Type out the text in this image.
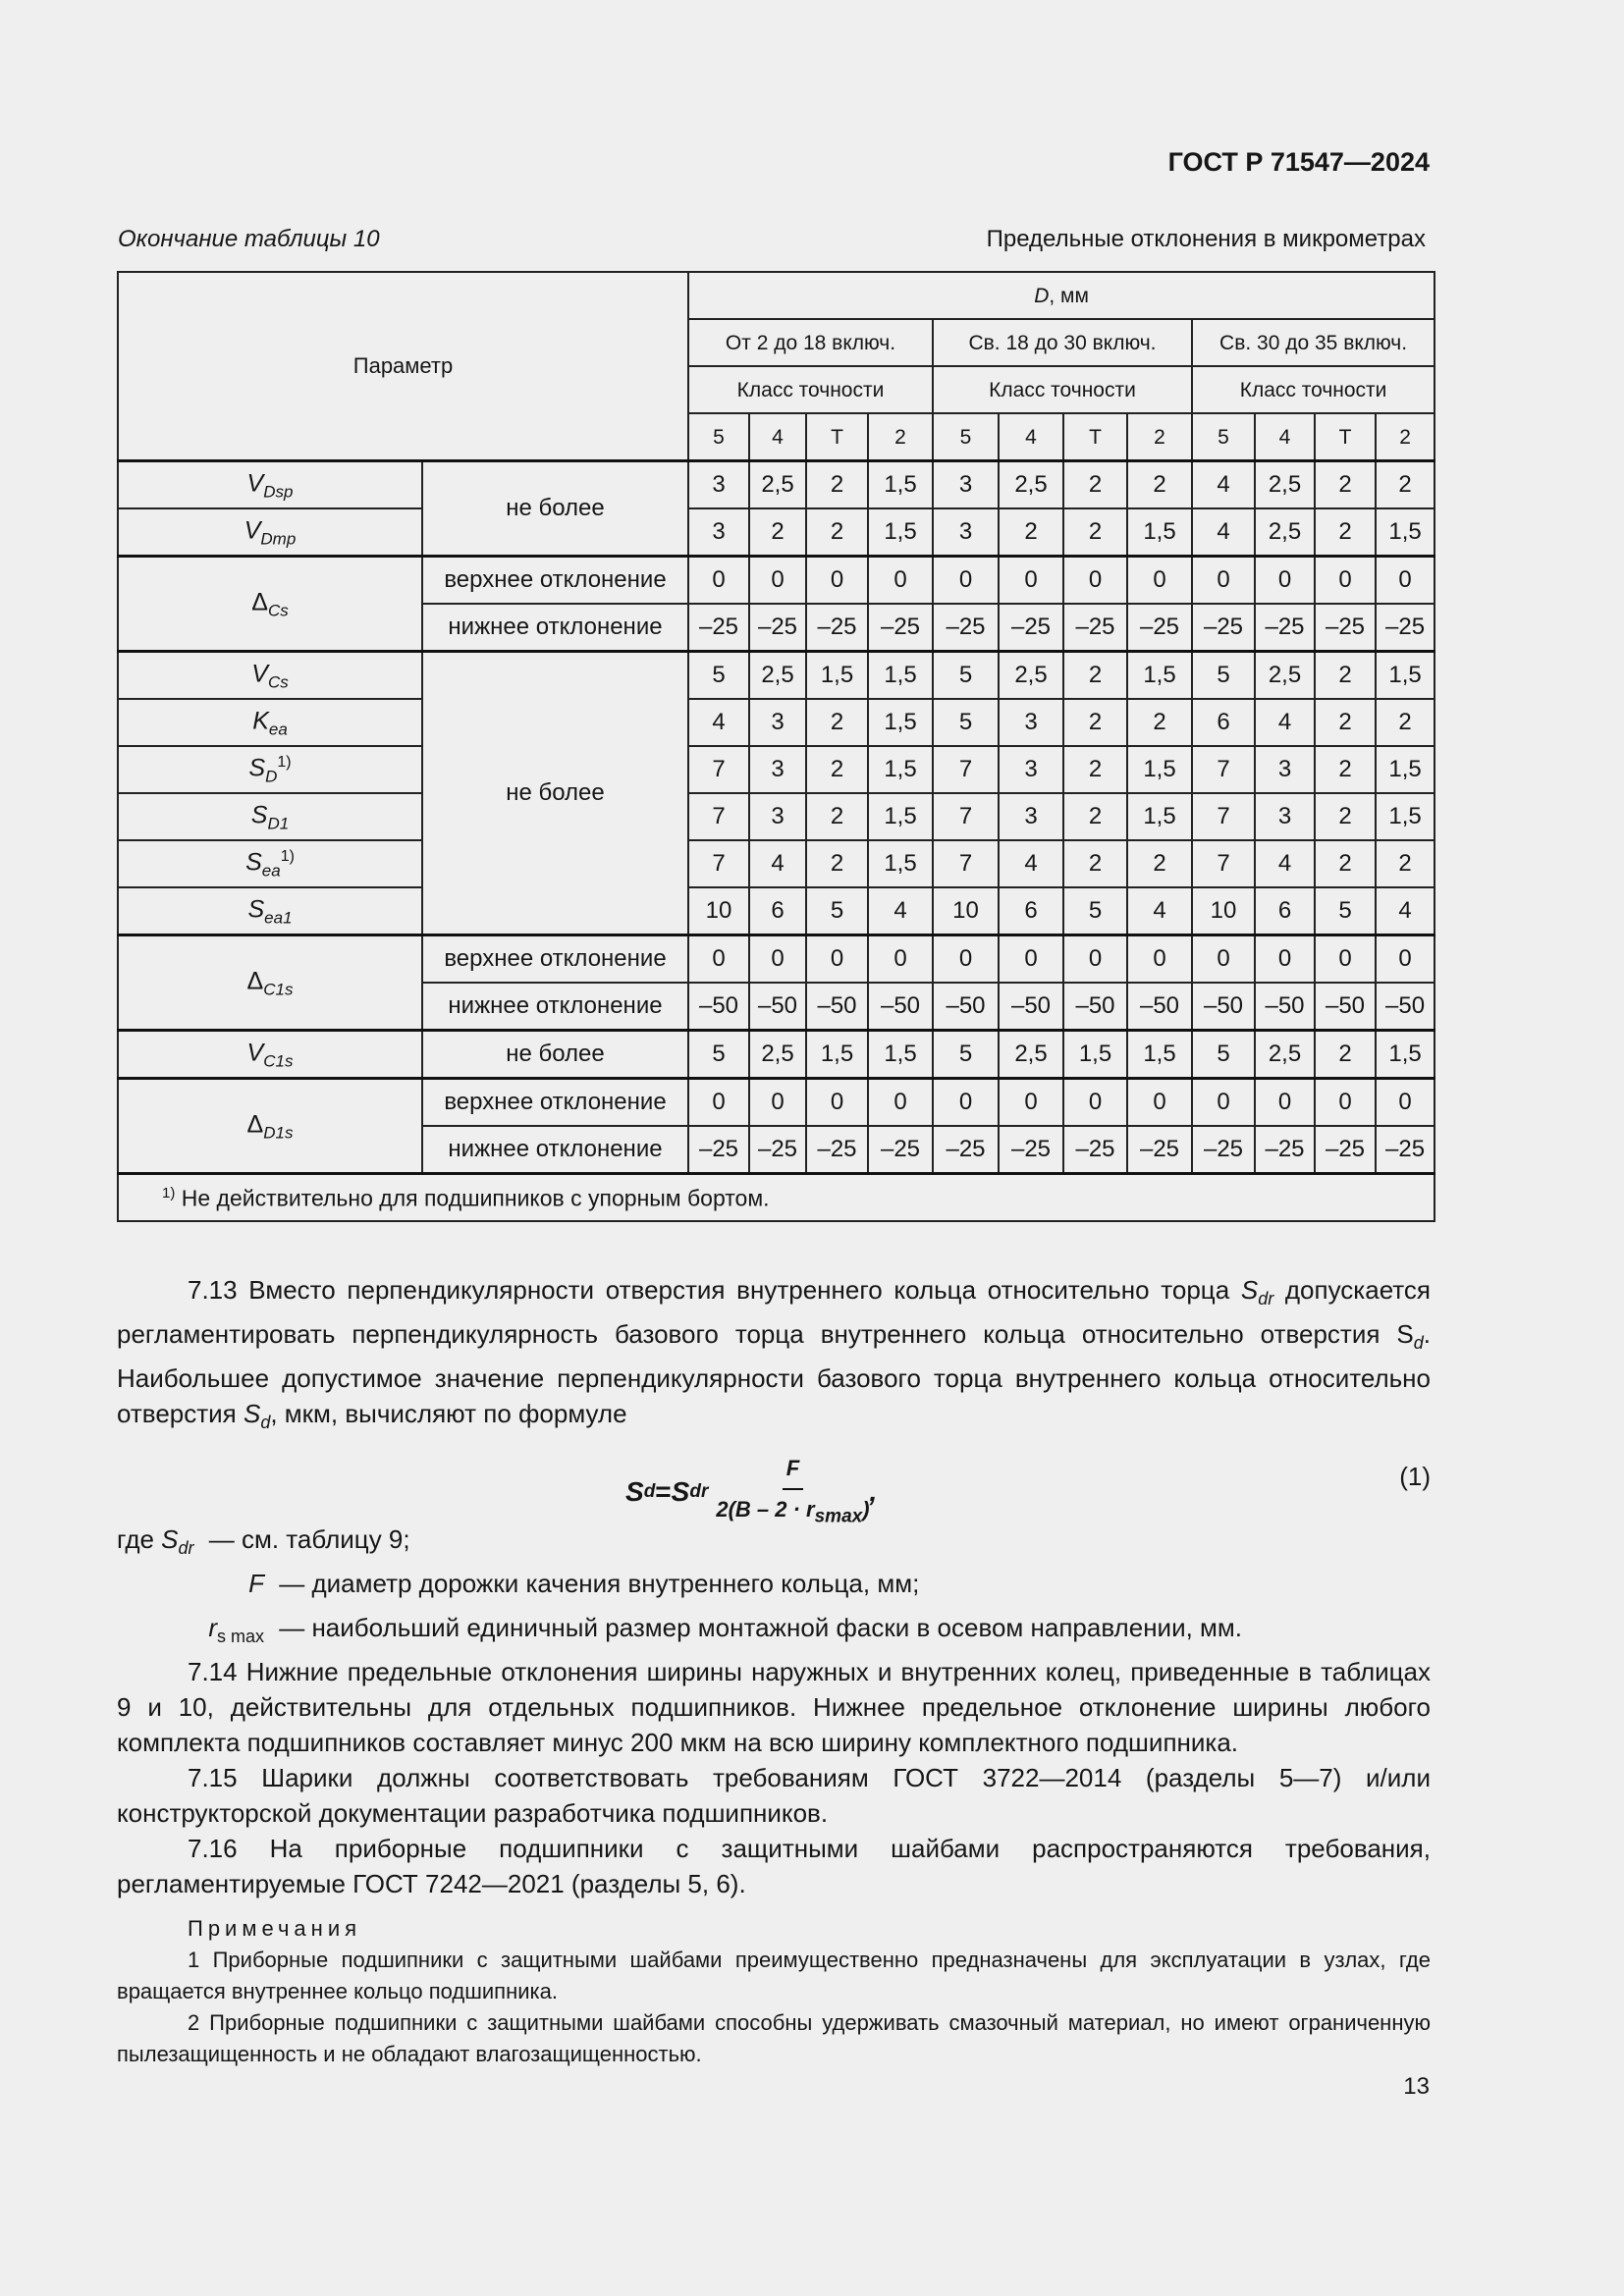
ГОСТ Р 71547—2024
Окончание таблицы 10	Предельные отклонения в микрометрах
Параметр		D, мм											
		От 2 до 18 включ.				Св. 18 до 30 включ.				Св. 30 до 35 включ.			
		Класс точности				Класс точности				Класс точности			
		5	4	T	2	5	4	T	2	5	4	T	2
$V_{Dsp}$	не более	3	2,5	2	1,5	3	2,5	2	2	4	2,5	2	2
$V_{Dmp}$		3	2	2	1,5	3	2	2	1,5	4	2,5	2	1,5
$\Delta_{Cs}$	верхнее отклонение	0	0	0	0	0	0	0	0	0	0	0	0
	нижнее отклонение	–25	–25	–25	–25	–25	–25	–25	–25	–25	–25	–25	–25
$V_{Cs}$	не более	5	2,5	1,5	1,5	5	2,5	2	1,5	5	2,5	2	1,5
$K_{ea}$		4	3	2	1,5	5	3	2	2	6	4	2	2
$S_D^{1)}$		7	3	2	1,5	7	3	2	1,5	7	3	2	1,5
$S_{D1}$		7	3	2	1,5	7	3	2	1,5	7	3	2	1,5
$S_{ea}^{1)}$		7	4	2	1,5	7	4	2	2	7	4	2	2
$S_{ea1}$		10	6	5	4	10	6	5	4	10	6	5	4
$\Delta_{C1s}$	верхнее отклонение	0	0	0	0	0	0	0	0	0	0	0	0
	нижнее отклонение	–50	–50	–50	–50	–50	–50	–50	–50	–50	–50	–50	–50
$V_{C1s}$	не более	5	2,5	1,5	1,5	5	2,5	1,5	1,5	5	2,5	2	1,5
$\Delta_{D1s}$	верхнее отклонение	0	0	0	0	0	0	0	0	0	0	0	0
	нижнее отклонение	–25	–25	–25	–25	–25	–25	–25	–25	–25	–25	–25	–25
$^{1)}$ Не действительно для подшипников с упорным бортом.													

7.13 Вместо перпендикулярности отверстия внутреннего кольца относительно торца $S_{dr}$ допускается регламентировать перпендикулярность базового торца внутреннего кольца относительно отверстия $S_d$. Наибольшее допустимое значение перпендикулярности базового торца внутреннего кольца относительно отверстия $S_d$, мкм, вычисляют по формуле

S d = S dr $\frac{F}{2(B - 2 \cdot r_{smax})}$ ,
(1)
где $S_{dr}$ — см. таблицу 9;
F — диаметр дорожки качения внутреннего кольца, мм;
$r_{s max}$ — наибольший единичный размер монтажной фаски в осевом направлении, мм.

7.14 Нижние предельные отклонения ширины наружных и внутренних колец, приведенные в таблицах 9 и 10, действительны для отдельных подшипников. Нижнее предельное отклонение ширины любого комплекта подшипников составляет минус 200 мкм на всю ширину комплектного подшипника.

7.15 Шарики должны соответствовать требованиям ГОСТ 3722—2014 (разделы 5—7) и/или конструкторской документации разработчика подшипников.

7.16 На приборные подшипники с защитными шайбами распространяются требования, регламентируемые ГОСТ 7242—2021 (разделы 5, 6).

Примечания

1 Приборные подшипники с защитными шайбами преимущественно предназначены для эксплуатации в узлах, где вращается внутреннее кольцо подшипника.

2 Приборные подшипники с защитными шайбами способны удерживать смазочный материал, но имеют ограниченную пылезащищенность и не обладают влагозащищенностью.

13
